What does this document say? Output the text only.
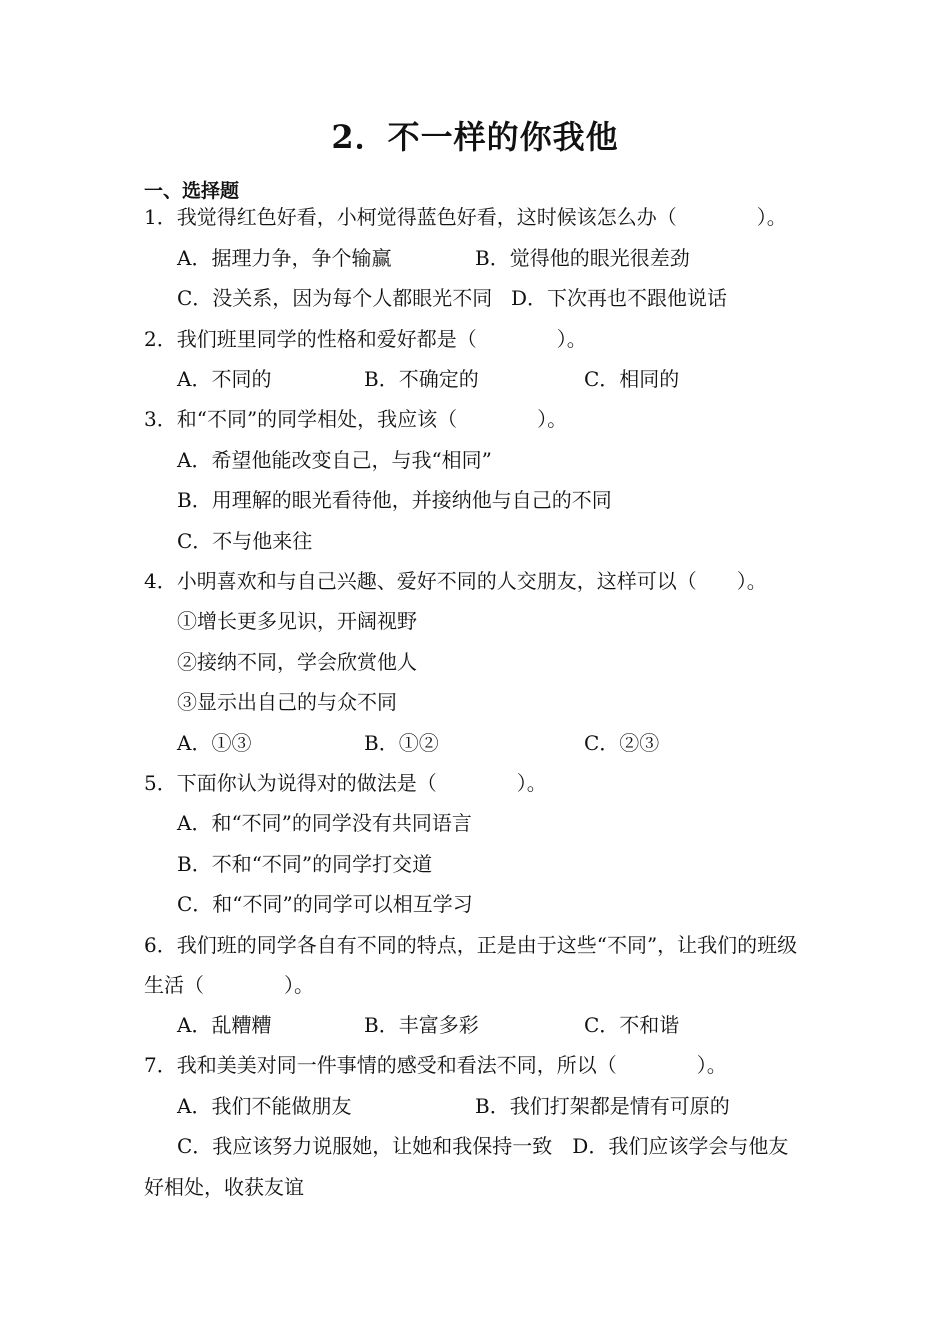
2．不一样的你我他
一、选择题
1．我觉得红色好看，小柯觉得蓝色好看，这时候该怎么办（　　　　）。
A．据理力争，争个输赢	B．觉得他的眼光很差劲
C．没关系，因为每个人都眼光不同 D．下次再也不跟他说话
2．我们班里同学的性格和爱好都是（　　　　）。
A．不同的	B．不确定的	C．相同的
3．和“不同”的同学相处，我应该（　　　　）。
A．希望他能改变自己，与我“相同”
B．用理解的眼光看待他，并接纳他与自己的不同
C．不与他来往
4．小明喜欢和与自己兴趣、爱好不同的人交朋友，这样可以（　　）。
①增长更多见识，开阔视野
②接纳不同，学会欣赏他人
③显示出自己的与众不同
A．①③	B．①②	C．②③
5．下面你认为说得对的做法是（　　　　）。
A．和“不同”的同学没有共同语言
B．不和“不同”的同学打交道
C．和“不同”的同学可以相互学习
6．我们班的同学各自有不同的特点，正是由于这些“不同”，让我们的班级
生活（　　　　）。
A．乱糟糟	B．丰富多彩	C．不和谐
7．我和美美对同一件事情的感受和看法不同，所以（　　　　）。
A．我们不能做朋友	B．我们打架都是情有可原的
C．我应该努力说服她，让她和我保持一致　D．我们应该学会与他友
好相处，收获友谊
